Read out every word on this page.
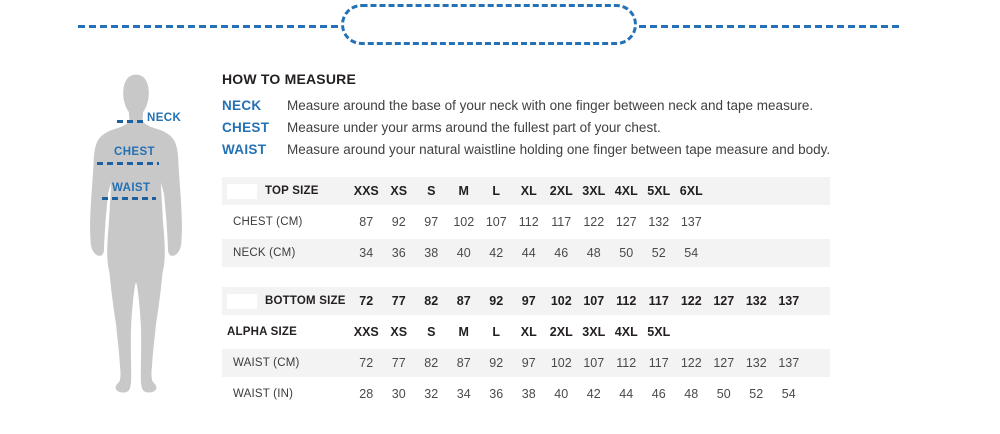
NECK
CHEST
WAIST
HOW TO MEASURE
NECK	Measure around the base of your neck with one finger between neck and tape measure.
CHEST	Measure under your arms around the fullest part of your chest.
WAIST	Measure around your natural waistline holding one finger between tape measure and body.
TOP SIZE	XXS XS	S	M	L	XL	2XL 3XL 4XL 5XL 6XL
CHEST (CM)	87	92	97	102 107 112	117 122 127 132 137
NECK (CM)	34	36	38	40	42	44	46	48	50	52	54
BOTTOM SIZE	72	77	82	87	92	97	102 107 112 117 122 127 132 137
ALPHA SIZE	XXS XS	S	M	L	XL	2XL 3XL 4XL 5XL
WAIST (CM)	72	77	82	87	92	97	102 107 112	117 122 127 132 137
WAIST (IN)	28	30	32	34	36	38	40	42	44	46	48	50	52	54
